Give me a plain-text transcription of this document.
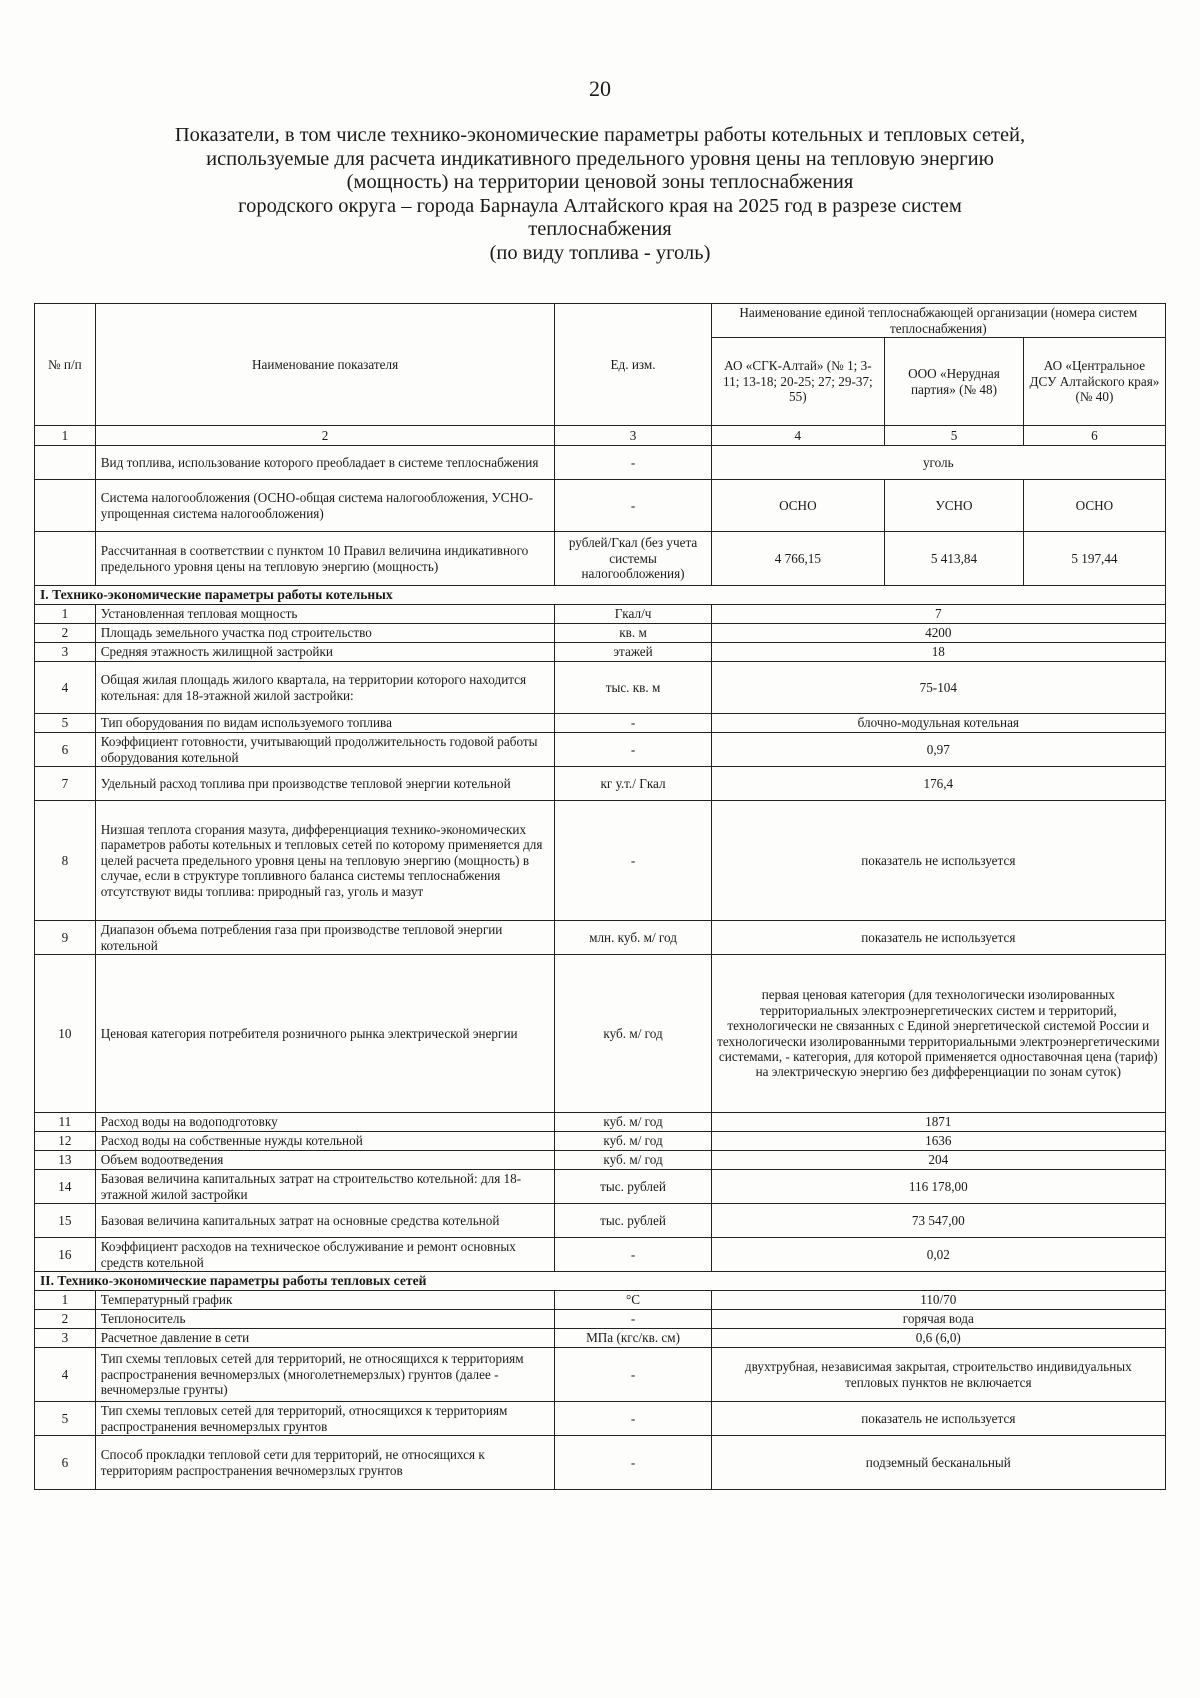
20
Показатели, в том числе технико-экономические параметры работы котельных и тепловых сетей,
используемые для расчета индикативного предельного уровня цены на тепловую энергию
(мощность) на территории ценовой зоны теплоснабжения
городского округа – города Барнаула Алтайского края на 2025 год в разрезе систем
теплоснабжения
(по виду топлива - уголь)
№ п/п	Наименование показателя	Ед. изм.	Наименование единой теплоснабжающей организации (номера систем теплоснабжения)		
			АО «СГК-Алтай» (№ 1; 3-11; 13-18; 20-25; 27; 29-37; 55)	ООО «Нерудная партия» (№ 48)	АО «Центральное ДСУ Алтайского края» (№ 40)
1	2	3	4	5	6
	Вид топлива, использование которого преобладает в системе теплоснабжения	-	уголь		
	Система налогообложения (ОСНО-общая система налогообложения, УСНО-упрощенная система налогообложения)	-	ОСНО	УСНО	ОСНО
	Рассчитанная в соответствии с пунктом 10 Правил величина индикативного предельного уровня цены на тепловую энергию (мощность)	рублей/Гкал (без учета системы налогообложения)	4 766,15	5 413,84	5 197,44
I. Технико-экономические параметры работы котельных					
1	Установленная тепловая мощность	Гкал/ч	7		
2	Площадь земельного участка под строительство	кв. м	4200		
3	Средняя этажность жилищной застройки	этажей	18		
4	Общая жилая площадь жилого квартала, на территории которого находится котельная: для 18-этажной жилой застройки:	тыс. кв. м	75-104		
5	Тип оборудования по видам используемого топлива	-	блочно-модульная котельная		
6	Коэффициент готовности, учитывающий продолжительность годовой работы оборудования котельной	-	0,97		
7	Удельный расход топлива при производстве тепловой энергии котельной	кг у.т./ Гкал	176,4		
8	Низшая теплота сгорания мазута, дифференциация технико-экономических параметров работы котельных и тепловых сетей по которому применяется для целей расчета предельного уровня цены на тепловую энергию (мощность) в случае, если в структуре топливного баланса системы теплоснабжения отсутствуют виды топлива: природный газ, уголь и мазут	-	показатель не используется		
9	Диапазон объема потребления газа при производстве тепловой энергии котельной	млн. куб. м/ год	показатель не используется		
10	Ценовая категория потребителя розничного рынка электрической энергии	куб. м/ год	первая ценовая категория (для технологически изолированных территориальных электроэнергетических систем и территорий, технологически не связанных с Единой энергетической системой России и технологически изолированными территориальными электроэнергетическими системами, - категория, для которой применяется одноставочная цена (тариф) на электрическую энергию без дифференциации по зонам суток)		
11	Расход воды на водоподготовку	куб. м/ год	1871		
12	Расход воды на собственные нужды котельной	куб. м/ год	1636		
13	Объем водоотведения	куб. м/ год	204		
14	Базовая величина капитальных затрат на строительство котельной: для 18-этажной жилой застройки	тыс. рублей	116 178,00		
15	Базовая величина капитальных затрат на основные средства котельной	тыс. рублей	73 547,00		
16	Коэффициент расходов на техническое обслуживание и ремонт основных средств котельной	-	0,02		
II. Технико-экономические параметры работы тепловых сетей					
1	Температурный график	°C	110/70		
2	Теплоноситель	-	горячая вода		
3	Расчетное давление в сети	МПа (кгс/кв. см)	0,6 (6,0)		
4	Тип схемы тепловых сетей для территорий, не относящихся к территориям распространения вечномерзлых (многолетнемерзлых) грунтов (далее - вечномерзлые грунты)	-	двухтрубная, независимая закрытая, строительство индивидуальных тепловых пунктов не включается		
5	Тип схемы тепловых сетей для территорий, относящихся к территориям распространения вечномерзлых грунтов	-	показатель не используется		
6	Способ прокладки тепловой сети для территорий, не относящихся к территориям распространения вечномерзлых грунтов	-	подземный бесканальный		
